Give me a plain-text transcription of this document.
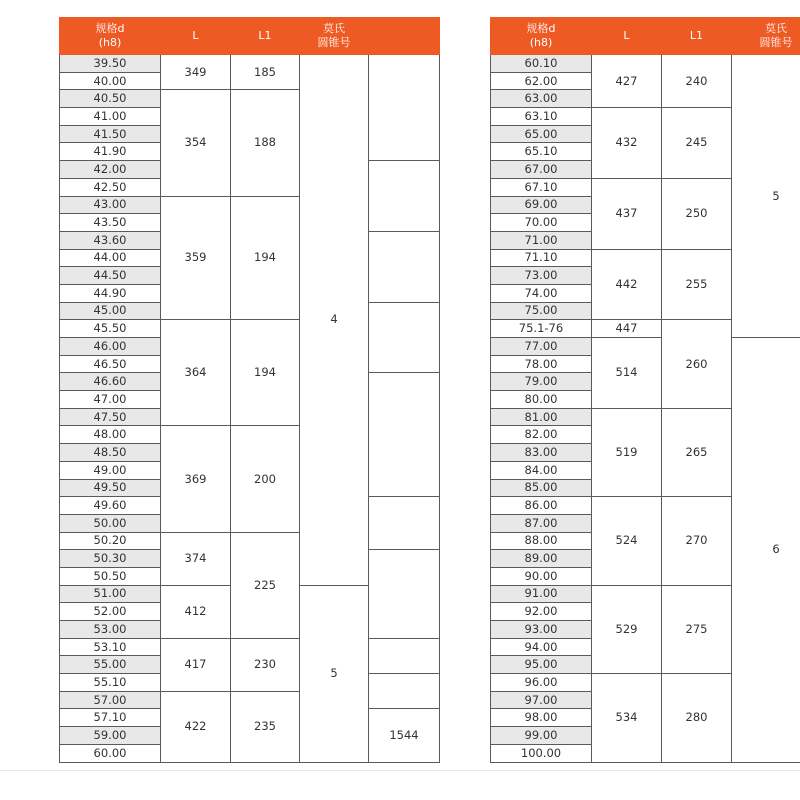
规格d
(h8)	L	L1	莫氏
圆锥号	
39.50	349	185	4	
40.00				
40.50	354	188		
41.00				
41.50				
41.90				
42.00				
42.50				
43.00	359	194		
43.50				
43.60				
44.00				
44.50				
44.90				
45.00				
45.50	364	194		
46.00				
46.50				
46.60				
47.00				
47.50				
48.00	369	200		
48.50				
49.00				
49.50				
49.60				
50.00				
50.20	374	225		
50.30				
50.50				
51.00	412		5	
52.00				
53.00				
53.10	417	230		
55.00				
55.10				
57.00	422	235		
57.10				1544
59.00				
60.00				
规格d
(h8)	L	L1	莫氏
圆锥号
60.10	427	240	5
62.00			
63.00			
63.10	432	245	
65.00			
65.10			
67.00			
67.10	437	250	
69.00			
70.00			
71.00			
71.10	442	255	
73.00			
74.00			
75.00			
75.1-76	447	260	
77.00	514		6
78.00			
79.00			
80.00			
81.00	519	265	
82.00			
83.00			
84.00			
85.00			
86.00	524	270	
87.00			
88.00			
89.00			
90.00			
91.00	529	275	
92.00			
93.00			
94.00			
95.00			
96.00	534	280	
97.00			
98.00			
99.00			
100.00			
